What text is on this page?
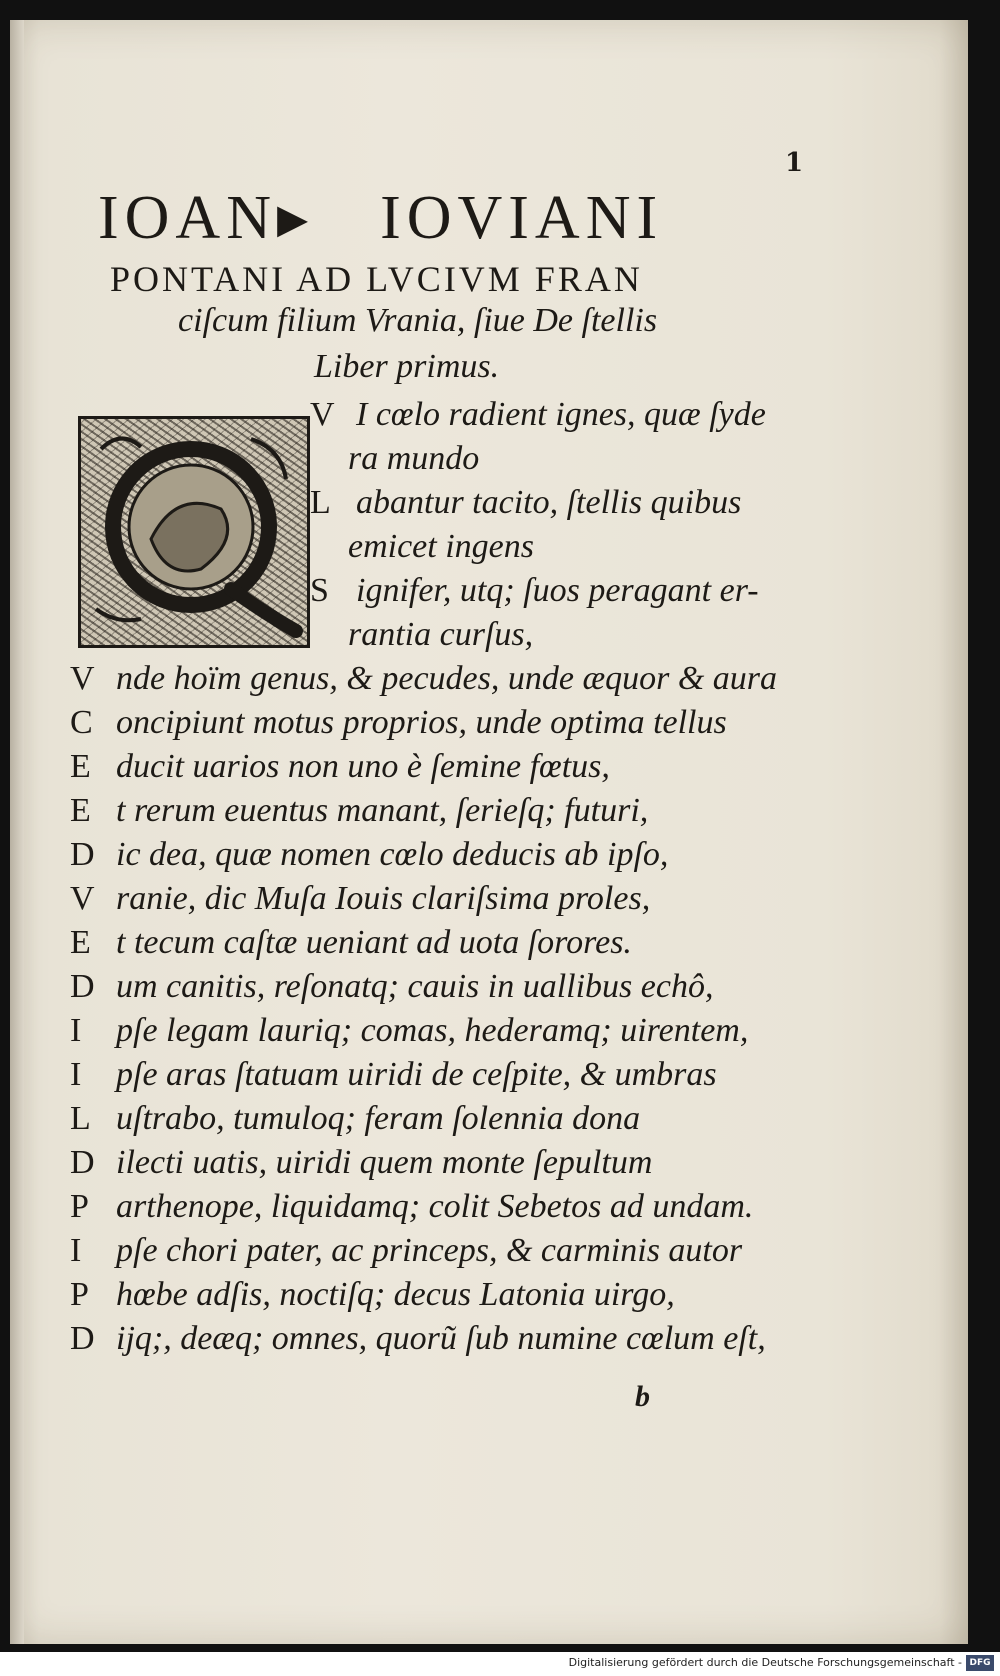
1
IOAN▸ IOVIANI
PONTANI AD LVCIVM FRAN
ciſcum filium Vrania, ſiue De ſtellis
Liber primus.
V I cœlo radient ignes, quæ ſyde
ra mundo
L abantur tacito, ſtellis quibus
emicet ingens
S ignifer, utq; ſuos peragant er-
rantia curſus,
V nde hoïm genus, & pecudes, unde æquor & aura
C oncipiunt motus proprios, unde optima tellus
E ducit uarios non uno è ſemine fœtus,
E t rerum euentus manant, ſerieſq; futuri,
D ic dea, quæ nomen cœlo deducis ab ipſo,
V ranie, dic Muſa Iouis clariſsima proles,
E t tecum caſtæ ueniant ad uota ſorores.
D um canitis, reſonatq; cauis in uallibus echô,
I pſe legam lauriq; comas, hederamq; uirentem,
I pſe aras ſtatuam uiridi de ceſpite, & umbras
L uſtrabo, tumuloq; feram ſolennia dona
D ilecti uatis, uiridi quem monte ſepultum
P arthenope, liquidamq; colit Sebetos ad undam.
I pſe chori pater, ac princeps, & carminis autor
P hœbe adſis, noctiſq; decus Latonia uirgo,
D ijq;, deæq; omnes, quorũ ſub numine cœlum eſt,
b
Digitalisierung gefördert durch die Deutsche Forschungsgemeinschaft - DFG
